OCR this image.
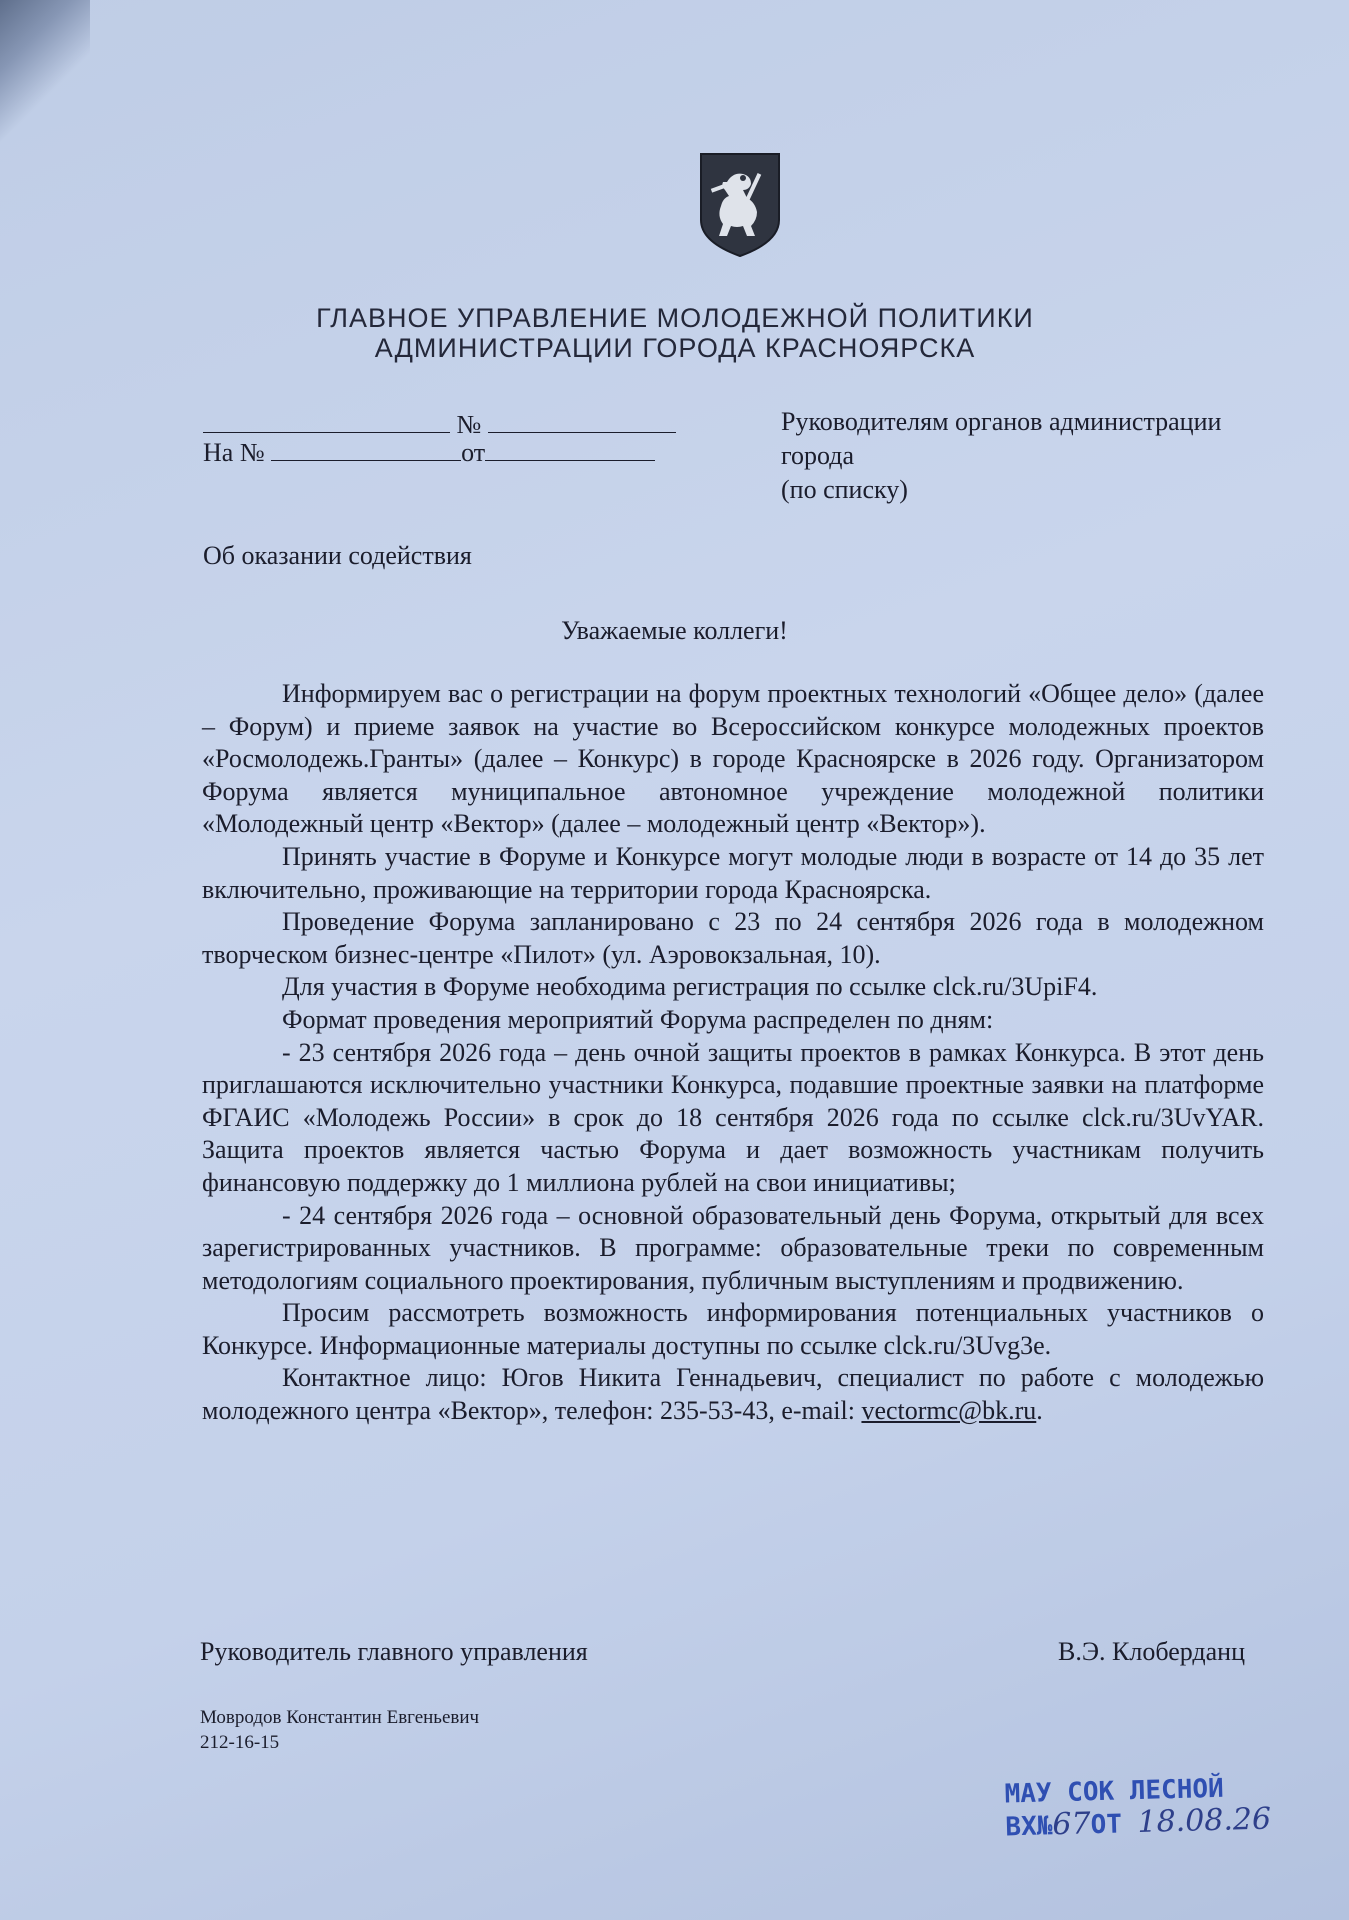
ГЛАВНОЕ УПРАВЛЕНИЕ МОЛОДЕЖНОЙ ПОЛИТИКИ
АДМИНИСТРАЦИИ ГОРОДА КРАСНОЯРСКА
№
На №	от
Руководителям органов администрации
города
(по списку)
Об оказании содействия
Уважаемые коллеги!

Информируем вас о регистрации на форум проектных технологий «Общее дело» (далее – Форум) и приеме заявок на участие во Всероссийском конкурсе молодежных проектов «Росмолодежь.Гранты» (далее – Конкурс) в городе Красноярске в 2026 году. Организатором Форума является муниципальное автономное учреждение молодежной политики «Молодежный центр «Вектор» (далее – молодежный центр «Вектор»).

Принять участие в Форуме и Конкурсе могут молодые люди в возрасте от 14 до 35 лет включительно, проживающие на территории города Красноярска.

Проведение Форума запланировано с 23 по 24 сентября 2026 года в молодежном творческом бизнес-центре «Пилот» (ул. Аэровокзальная, 10).

Для участия в Форуме необходима регистрация по ссылке clck.ru/3UpiF4.

Формат проведения мероприятий Форума распределен по дням:

- 23 сентября 2026 года – день очной защиты проектов в рамках Конкурса. В этот день приглашаются исключительно участники Конкурса, подавшие проектные заявки на платформе ФГАИС «Молодежь России» в срок до 18 сентября 2026 года по ссылке clck.ru/3UvYAR. Защита проектов является частью Форума и дает возможность участникам получить финансовую поддержку до 1 миллиона рублей на свои инициативы;

- 24 сентября 2026 года – основной образовательный день Форума, открытый для всех зарегистрированных участников. В программе: образовательные треки по современным методологиям социального проектирования, публичным выступлениям и продвижению.

Просим рассмотреть возможность информирования потенциальных участников о Конкурсе. Информационные материалы доступны по ссылке clck.ru/3Uvg3e.

Контактное лицо: Югов Никита Геннадьевич, специалист по работе с молодежью молодежного центра «Вектор», телефон: 235-53-43, e-mail: vectormc@bk.ru.

Руководитель главного управления	В.Э. Клоберданц
Мовродов Константин Евгеньевич
212-16-15
МАУ СОК ЛЕСНОЙ
ВХ№67ОТ 18.08.26
